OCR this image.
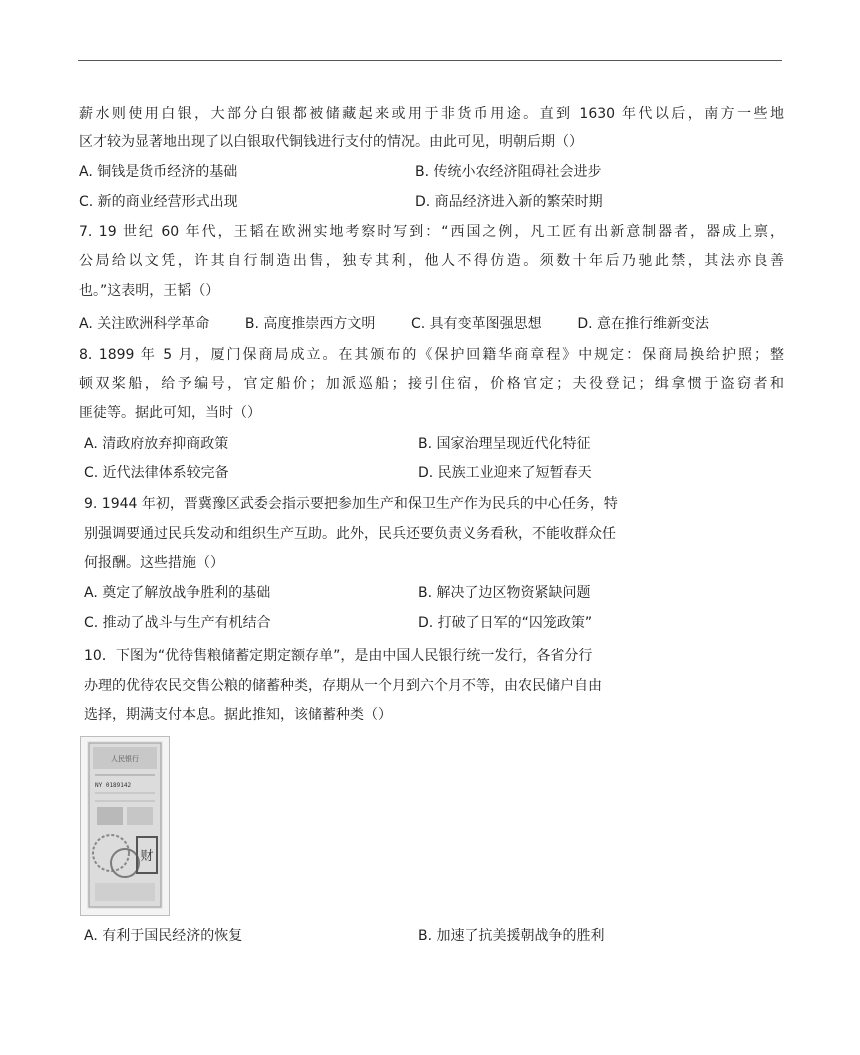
薪水则使用白银，大部分白银都被储藏起来或用于非货币用途。直到 1630 年代以后，南方一些地
区才较为显著地出现了以白银取代铜钱进行支付的情况。由此可见，明朝后期（）
A. 铜钱是货币经济的基础	B. 传统小农经济阻碍社会进步
C. 新的商业经营形式出现	D. 商品经济进入新的繁荣时期
7. 19 世纪 60 年代，王韬在欧洲实地考察时写到：“西国之例，凡工匠有出新意制器者，器成上禀，
公局给以文凭，许其自行制造出售，独专其利，他人不得仿造。须数十年后乃驰此禁，其法亦良善
也。”这表明，王韬（）
A. 关注欧洲科学革命	B. 高度推崇西方文明	C. 具有变革图强思想	D. 意在推行维新变法
8. 1899 年 5 月，厦门保商局成立。在其颁布的《保护回籍华商章程》中规定：保商局换给护照；整
顿双桨船，给予编号，官定船价；加派巡船；接引住宿，价格官定；夫役登记；缉拿惯于盗窃者和
匪徒等。据此可知，当时（）
A. 清政府放弃抑商政策	B. 国家治理呈现近代化特征
C. 近代法律体系较完备	D. 民族工业迎来了短暂春天
9. 1944 年初，晋冀豫区武委会指示要把参加生产和保卫生产作为民兵的中心任务，特
别强调要通过民兵发动和组织生产互助。此外，民兵还要负责义务看秋，不能收群众任
何报酬。这些措施（）
A. 奠定了解放战争胜利的基础	B. 解决了边区物资紧缺问题
C. 推动了战斗与生产有机结合	D. 打破了日军的“囚笼政策”
10．下图为“优待售粮储蓄定期定额存单”，是由中国人民银行统一发行，各省分行
办理的优待农民交售公粮的储蓄种类，存期从一个月到六个月不等，由农民储户自由
选择，期满支付本息。据此推知，该储蓄种类（）
人民银行
NY 0189142
财
A. 有利于国民经济的恢复	B. 加速了抗美援朝战争的胜利
